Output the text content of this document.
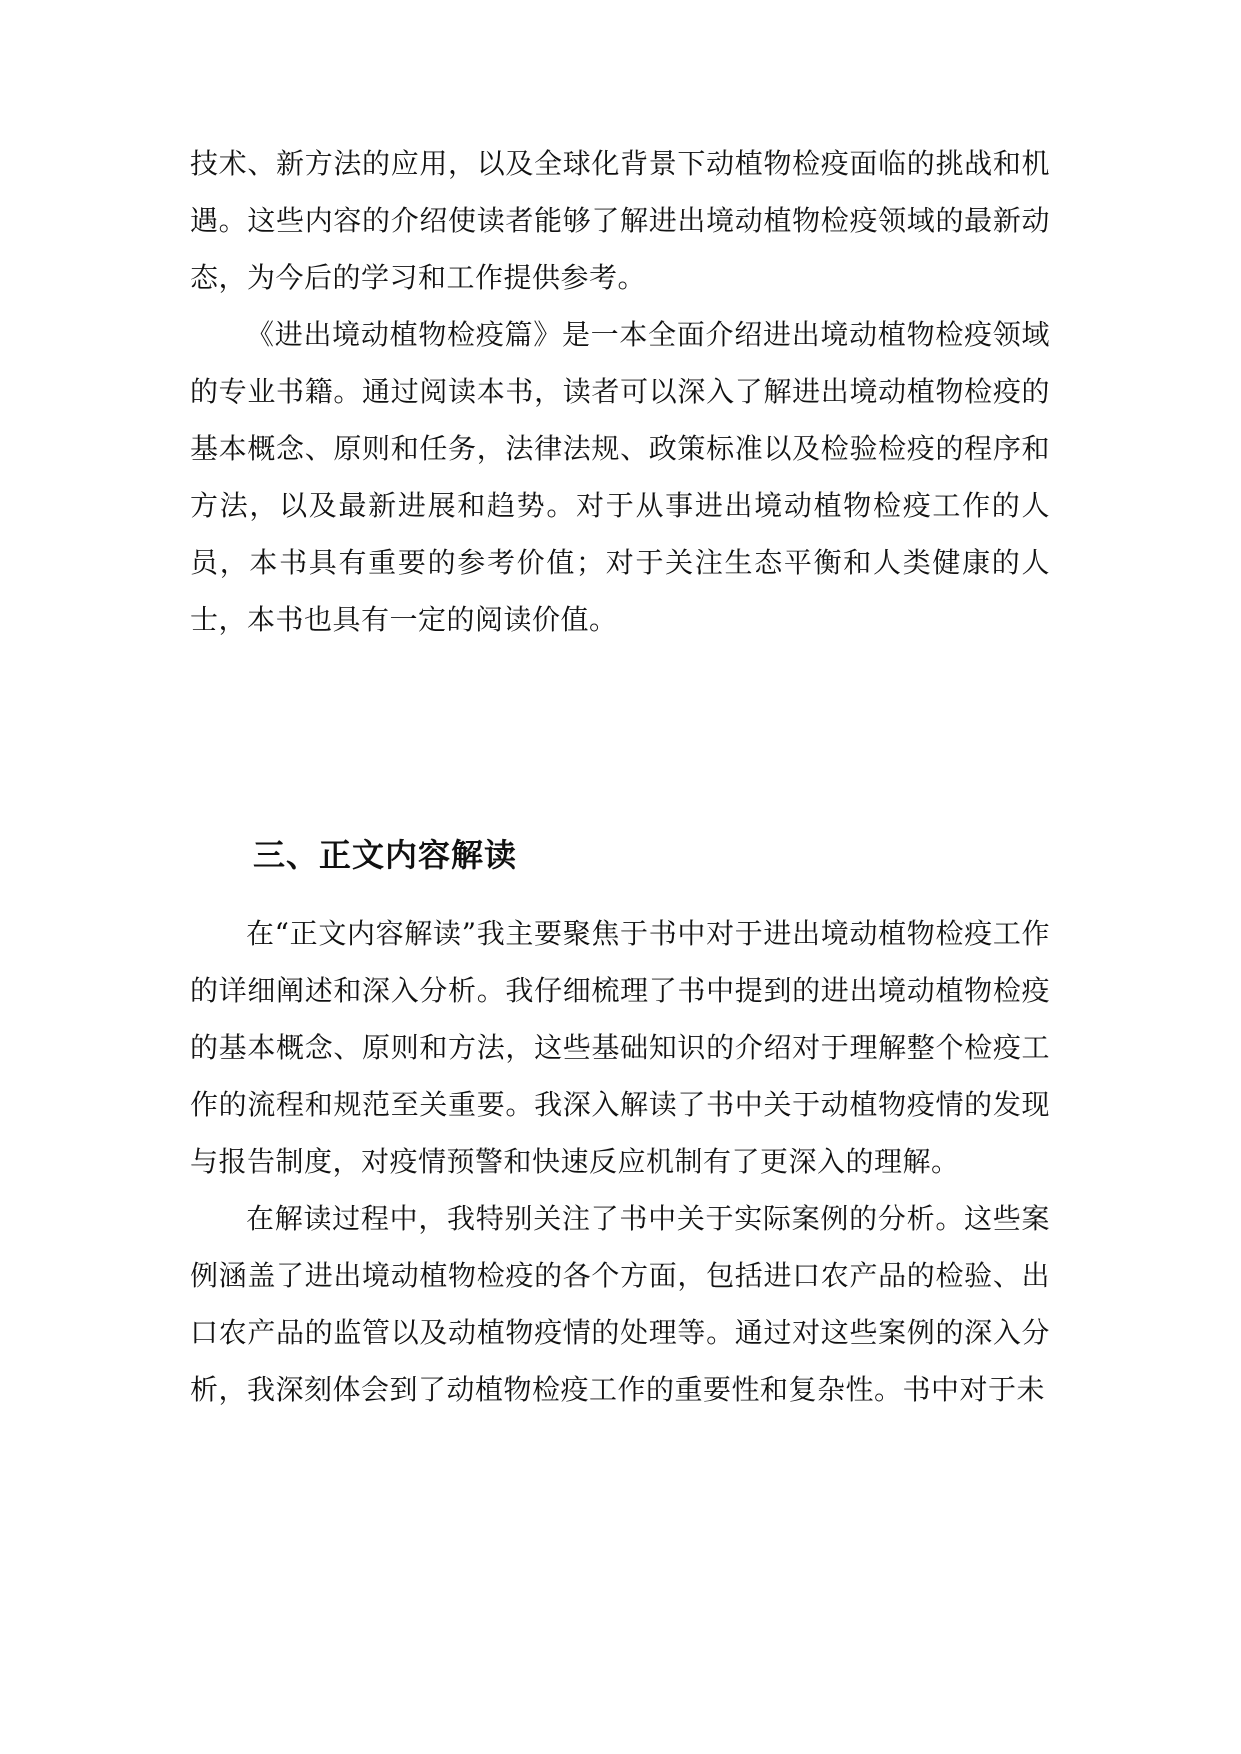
技术、新方法的应用，以及全球化背景下动植物检疫面临的挑战和机遇。这些内容的介绍使读者能够了解进出境动植物检疫领域的最新动态，为今后的学习和工作提供参考。

《进出境动植物检疫篇》是一本全面介绍进出境动植物检疫领域的专业书籍。通过阅读本书，读者可以深入了解进出境动植物检疫的基本概念、原则和任务，法律法规、政策标准以及检验检疫的程序和方法，以及最新进展和趋势。对于从事进出境动植物检疫工作的人员，本书具有重要的参考价值；对于关注生态平衡和人类健康的人士，本书也具有一定的阅读价值。

三、正文内容解读

在“正文内容解读”我主要聚焦于书中对于进出境动植物检疫工作的详细阐述和深入分析。我仔细梳理了书中提到的进出境动植物检疫的基本概念、原则和方法，这些基础知识的介绍对于理解整个检疫工作的流程和规范至关重要。我深入解读了书中关于动植物疫情的发现与报告制度，对疫情预警和快速反应机制有了更深入的理解。

在解读过程中，我特别关注了书中关于实际案例的分析。这些案例涵盖了进出境动植物检疫的各个方面，包括进口农产品的检验、出口农产品的监管以及动植物疫情的处理等。通过对这些案例的深入分析，我深刻体会到了动植物检疫工作的重要性和复杂性。书中对于未
